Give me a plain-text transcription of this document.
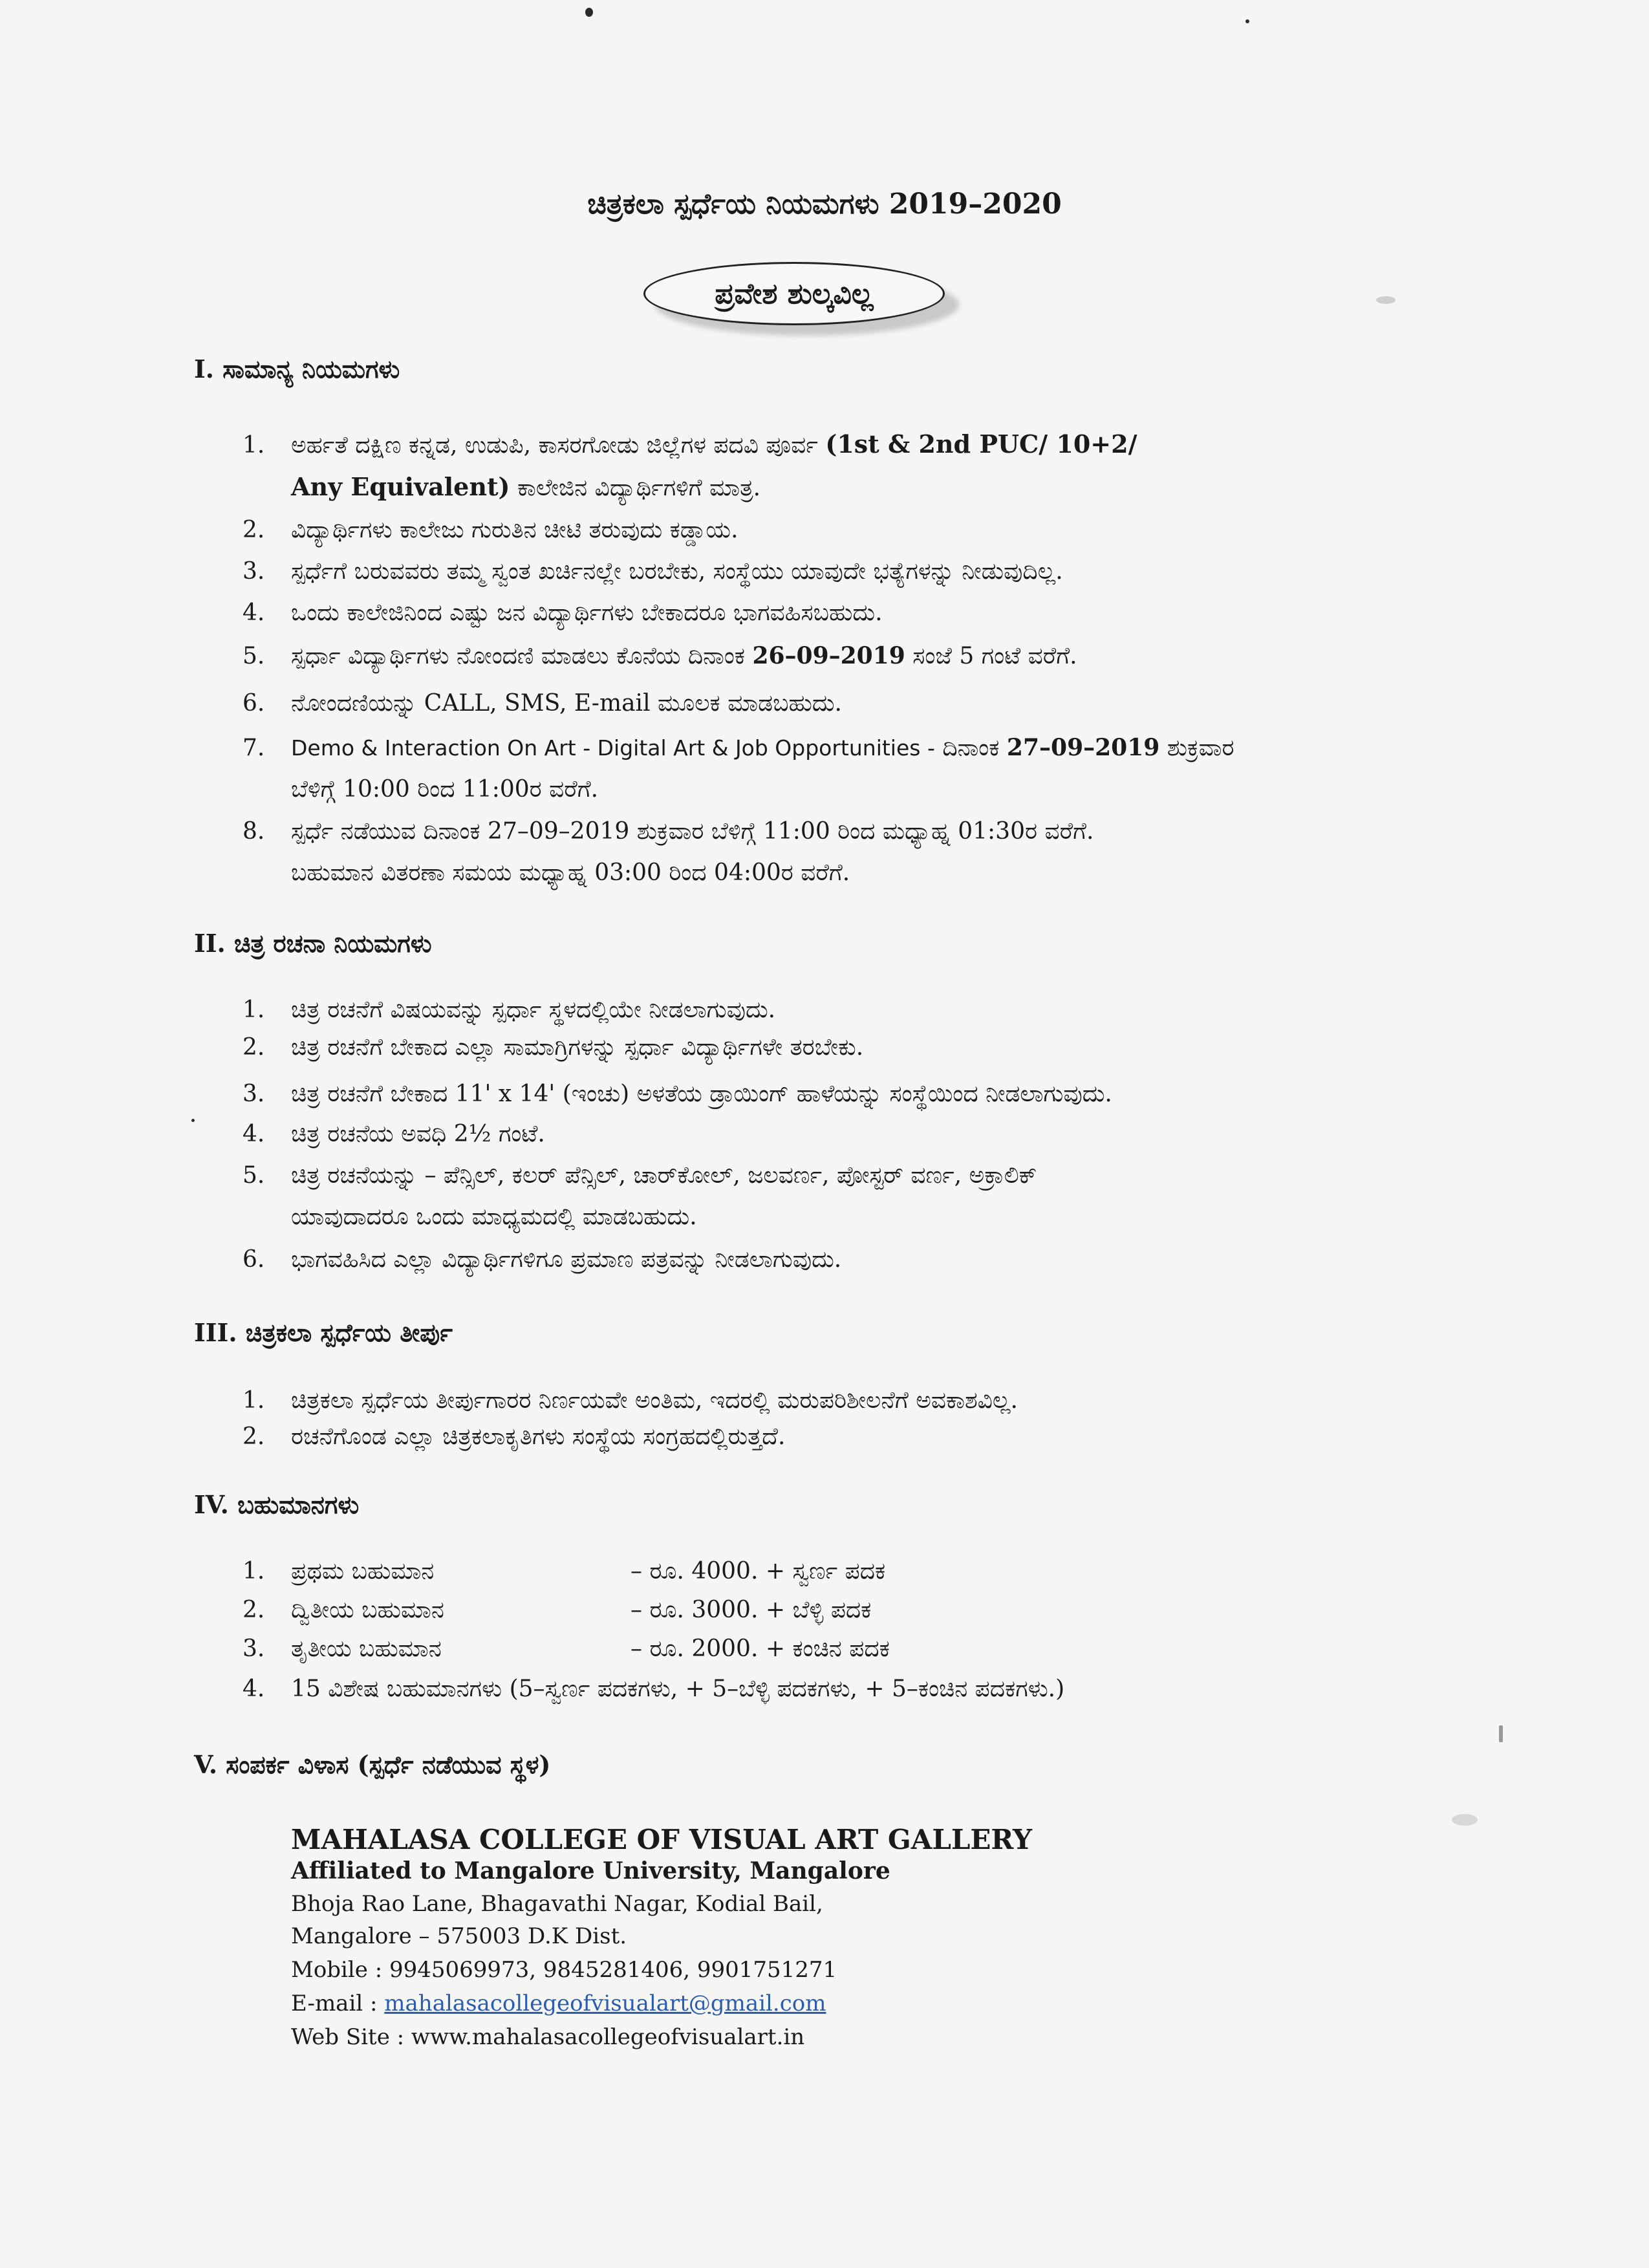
ಚಿತ್ರಕಲಾ ಸ್ಪರ್ಧೆಯ ನಿಯಮಗಳು 2019–2020
ಪ್ರವೇಶ ಶುಲ್ಕವಿಲ್ಲ
I. ಸಾಮಾನ್ಯ ನಿಯಮಗಳು
1. ಅರ್ಹತೆ ದಕ್ಷಿಣ ಕನ್ನಡ, ಉಡುಪಿ, ಕಾಸರಗೋಡು ಜಿಲ್ಲೆಗಳ ಪದವಿ ಪೂರ್ವ (1st & 2nd PUC/ 10+2/
Any Equivalent) ಕಾಲೇಜಿನ ವಿದ್ಯಾರ್ಥಿಗಳಿಗೆ ಮಾತ್ರ.
2. ವಿದ್ಯಾರ್ಥಿಗಳು ಕಾಲೇಜು ಗುರುತಿನ ಚೀಟಿ ತರುವುದು ಕಡ್ಡಾಯ.
3. ಸ್ಪರ್ಧೆಗೆ ಬರುವವರು ತಮ್ಮ ಸ್ವಂತ ಖರ್ಚಿನಲ್ಲೇ ಬರಬೇಕು, ಸಂಸ್ಥೆಯು ಯಾವುದೇ ಭತ್ಯೆಗಳನ್ನು ನೀಡುವುದಿಲ್ಲ.
4. ಒಂದು ಕಾಲೇಜಿನಿಂದ ಎಷ್ಟು ಜನ ವಿದ್ಯಾರ್ಥಿಗಳು ಬೇಕಾದರೂ ಭಾಗವಹಿಸಬಹುದು.
5. ಸ್ಪರ್ಧಾ ವಿದ್ಯಾರ್ಥಿಗಳು ನೋಂದಣಿ ಮಾಡಲು ಕೊನೆಯ ದಿನಾಂಕ 26–09–2019 ಸಂಜೆ 5 ಗಂಟೆ ವರೆಗೆ.
6. ನೋಂದಣಿಯನ್ನು CALL, SMS, E-mail ಮೂಲಕ ಮಾಡಬಹುದು.
7. Demo & Interaction On Art - Digital Art & Job Opportunities - ದಿನಾಂಕ 27–09–2019 ಶುಕ್ರವಾರ
ಬೆಳಿಗ್ಗೆ 10:00 ರಿಂದ 11:00ರ ವರೆಗೆ.
8. ಸ್ಪರ್ಧೆ ನಡೆಯುವ ದಿನಾಂಕ 27–09–2019 ಶುಕ್ರವಾರ ಬೆಳಿಗ್ಗೆ 11:00 ರಿಂದ ಮಧ್ಯಾಹ್ನ 01:30ರ ವರೆಗೆ.
ಬಹುಮಾನ ವಿತರಣಾ ಸಮಯ ಮಧ್ಯಾಹ್ನ 03:00 ರಿಂದ 04:00ರ ವರೆಗೆ.
II. ಚಿತ್ರ ರಚನಾ ನಿಯಮಗಳು
1. ಚಿತ್ರ ರಚನೆಗೆ ವಿಷಯವನ್ನು ಸ್ಪರ್ಧಾ ಸ್ಥಳದಲ್ಲಿಯೇ ನೀಡಲಾಗುವುದು.
2. ಚಿತ್ರ ರಚನೆಗೆ ಬೇಕಾದ ಎಲ್ಲಾ ಸಾಮಾಗ್ರಿಗಳನ್ನು ಸ್ಪರ್ಧಾ ವಿದ್ಯಾರ್ಥಿಗಳೇ ತರಬೇಕು.
3. ಚಿತ್ರ ರಚನೆಗೆ ಬೇಕಾದ 11' x 14' (ಇಂಚು) ಅಳತೆಯ ಡ್ರಾಯಿಂಗ್ ಹಾಳೆಯನ್ನು ಸಂಸ್ಥೆಯಿಂದ ನೀಡಲಾಗುವುದು.
4. ಚಿತ್ರ ರಚನೆಯ ಅವಧಿ 2½ ಗಂಟೆ.
5. ಚಿತ್ರ ರಚನೆಯನ್ನು – ಪೆನ್ಸಿಲ್, ಕಲರ್ ಪೆನ್ಸಿಲ್, ಚಾರ್‌ಕೋಲ್, ಜಲವರ್ಣ, ಪೋಸ್ಟರ್ ವರ್ಣ, ಅಕ್ರಾಲಿಕ್
ಯಾವುದಾದರೂ ಒಂದು ಮಾಧ್ಯಮದಲ್ಲಿ ಮಾಡಬಹುದು.
6. ಭಾಗವಹಿಸಿದ ಎಲ್ಲಾ ವಿದ್ಯಾರ್ಥಿಗಳಿಗೂ ಪ್ರಮಾಣ ಪತ್ರವನ್ನು ನೀಡಲಾಗುವುದು.
III. ಚಿತ್ರಕಲಾ ಸ್ಪರ್ಧೆಯ ತೀರ್ಪು
1. ಚಿತ್ರಕಲಾ ಸ್ಪರ್ಧೆಯ ತೀರ್ಪುಗಾರರ ನಿರ್ಣಯವೇ ಅಂತಿಮ, ಇದರಲ್ಲಿ ಮರುಪರಿಶೀಲನೆಗೆ ಅವಕಾಶವಿಲ್ಲ.
2. ರಚನೆಗೊಂಡ ಎಲ್ಲಾ ಚಿತ್ರಕಲಾಕೃತಿಗಳು ಸಂಸ್ಥೆಯ ಸಂಗ್ರಹದಲ್ಲಿರುತ್ತದೆ.
IV. ಬಹುಮಾನಗಳು
1. ಪ್ರಥಮ ಬಹುಮಾನ	– ರೂ. 4000. + ಸ್ವರ್ಣ ಪದಕ
2. ದ್ವಿತೀಯ ಬಹುಮಾನ	– ರೂ. 3000. + ಬೆಳ್ಳಿ ಪದಕ
3. ತೃತೀಯ ಬಹುಮಾನ	– ರೂ. 2000. + ಕಂಚಿನ ಪದಕ
4. 15 ವಿಶೇಷ ಬಹುಮಾನಗಳು (5–ಸ್ವರ್ಣ ಪದಕಗಳು, + 5–ಬೆಳ್ಳಿ ಪದಕಗಳು, + 5–ಕಂಚಿನ ಪದಕಗಳು.)
V. ಸಂಪರ್ಕ ವಿಳಾಸ (ಸ್ಪರ್ಧೆ ನಡೆಯುವ ಸ್ಥಳ)
MAHALASA COLLEGE OF VISUAL ART GALLERY
Affiliated to Mangalore University, Mangalore
Bhoja Rao Lane, Bhagavathi Nagar, Kodial Bail,
Mangalore – 575003 D.K Dist.
Mobile : 9945069973, 9845281406, 9901751271
E-mail : mahalasacollegeofvisualart@gmail.com
Web Site : www.mahalasacollegeofvisualart.in
